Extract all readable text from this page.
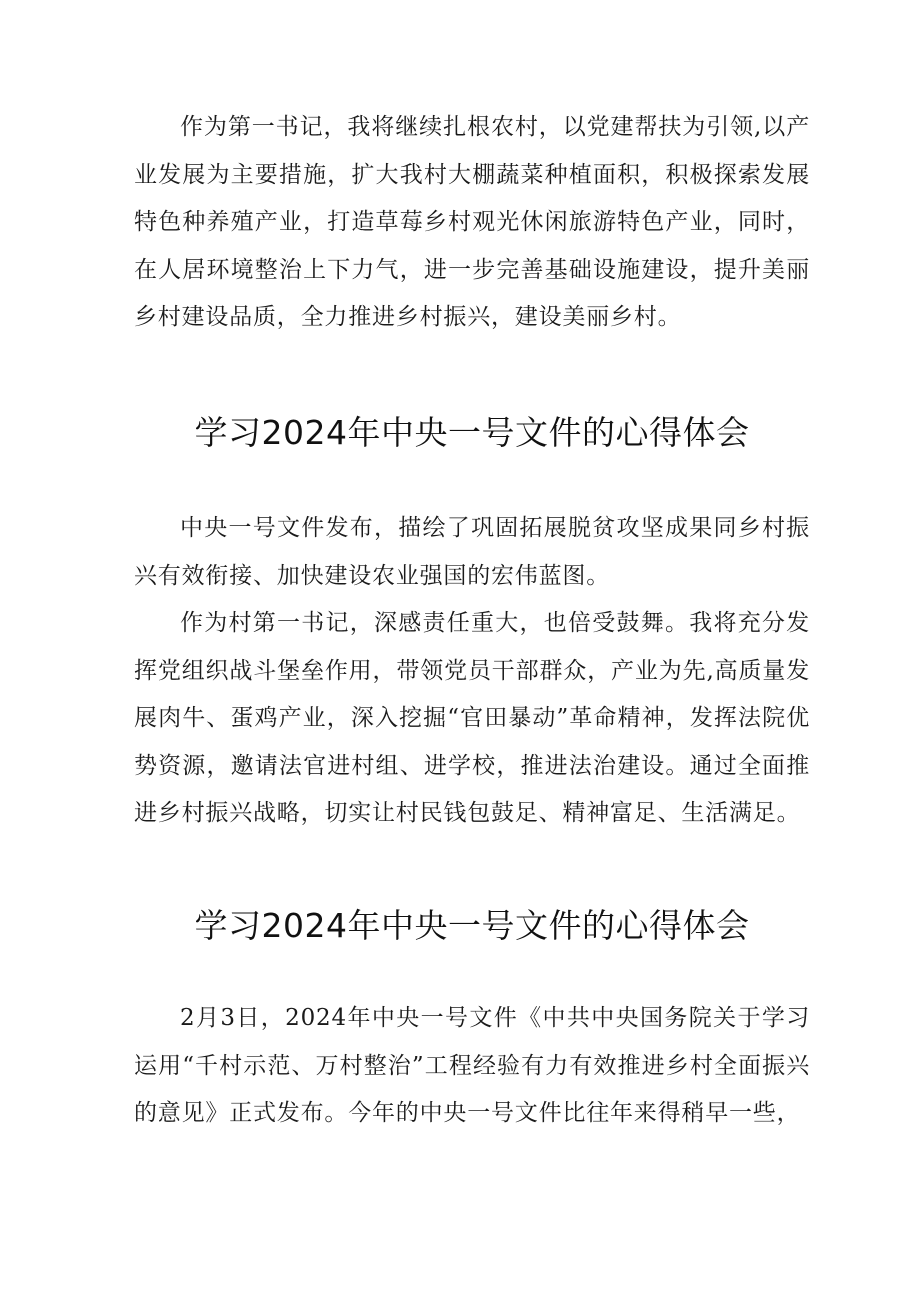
作为第一书记，我将继续扎根农村，以党建帮扶为引领,以产业发展为主要措施，扩大我村大棚蔬菜种植面积，积极探索发展特色种养殖产业，打造草莓乡村观光休闲旅游特色产业，同时，在人居环境整治上下力气，进一步完善基础设施建设，提升美丽乡村建设品质，全力推进乡村振兴，建设美丽乡村。

学习2024年中央一号文件的心得体会

中央一号文件发布，描绘了巩固拓展脱贫攻坚成果同乡村振兴有效衔接、加快建设农业强国的宏伟蓝图。

作为村第一书记，深感责任重大，也倍受鼓舞。我将充分发挥党组织战斗堡垒作用，带领党员干部群众，产业为先,高质量发展肉牛、蛋鸡产业，深入挖掘“官田暴动”革命精神，发挥法院优势资源，邀请法官进村组、进学校，推进法治建设。通过全面推进乡村振兴战略，切实让村民钱包鼓足、精神富足、生活满足。

学习2024年中央一号文件的心得体会

2月3日，2024年中央一号文件《中共中央国务院关于学习运用“千村示范、万村整治”工程经验有力有效推进乡村全面振兴的意见》正式发布。今年的中央一号文件比往年来得稍早一些，
